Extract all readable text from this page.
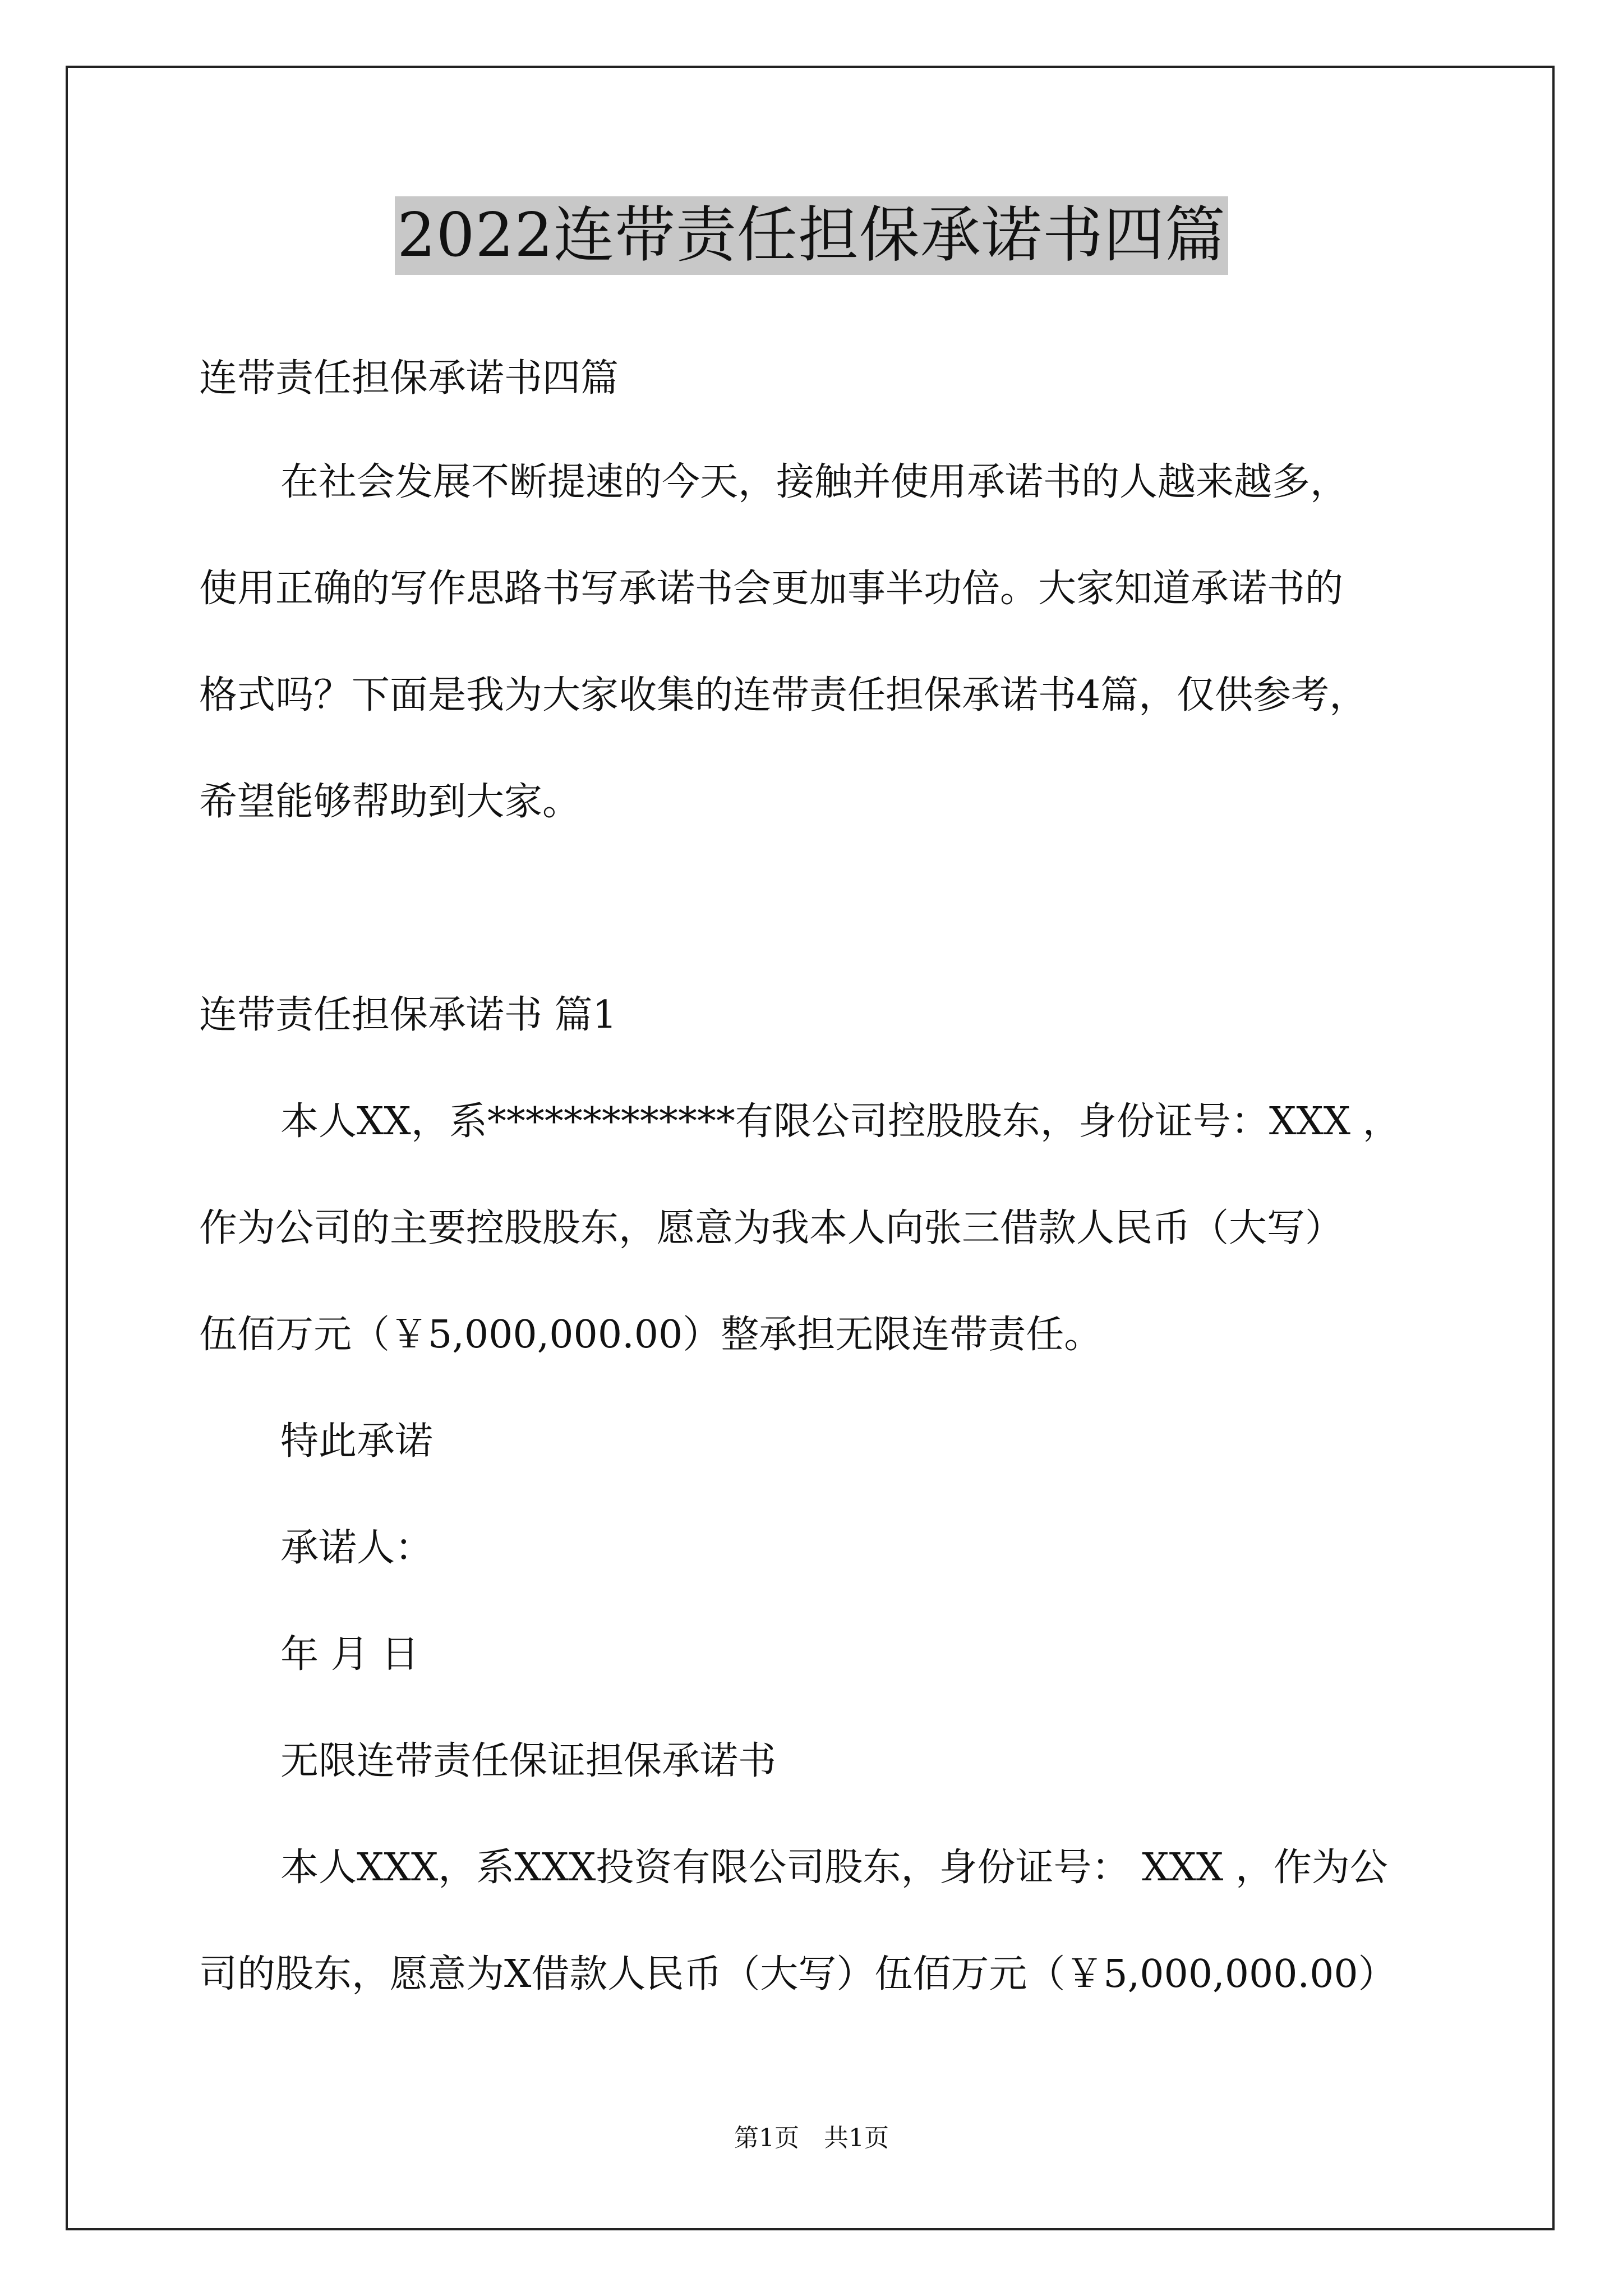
2022连带责任担保承诺书四篇
连带责任担保承诺书四篇
在社会发展不断提速的今天，接触并使用承诺书的人越来越多，
使用正确的写作思路书写承诺书会更加事半功倍。大家知道承诺书的
格式吗？下面是我为大家收集的连带责任担保承诺书4篇，仅供参考，
希望能够帮助到大家。
连带责任担保承诺书 篇1
本人XX，系*************有限公司控股股东，身份证号：XXX ，
作为公司的主要控股股东，愿意为我本人向张三借款人民币（大写）
伍佰万元（￥5,000,000.00）整承担无限连带责任。
特此承诺
承诺人：
年 月 日
无限连带责任保证担保承诺书
本人XXX，系XXX投资有限公司股东，身份证号： XXX ，作为公
司的股东，愿意为X借款人民币（大写）伍佰万元（￥5,000,000.00）
第1页　共1页
